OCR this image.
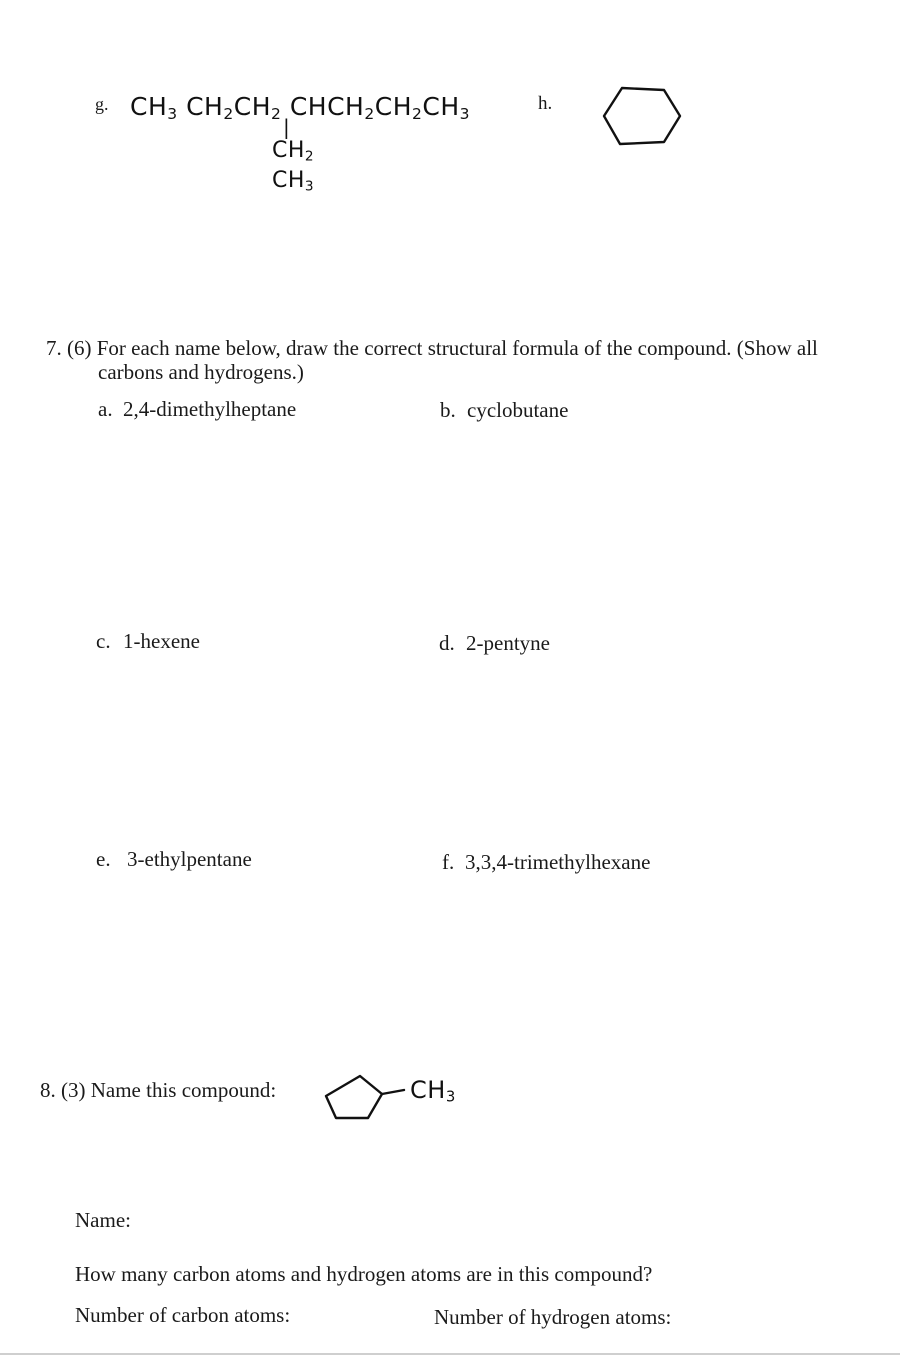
g. $CH_3$ $CH_2CH_2$ $CHCH_2CH_2CH_3$
|
$CH_2$
$CH_3$
h.
7. (6) For each name below, draw the correct structural formula of the compound. (Show all
carbons and hydrogens.)
a. 2,4-dimethylheptane	b. cyclobutane
c. 1-hexene	d. 2-pentyne
e. 3-ethylpentane	f. 3,3,4-trimethylhexane
8. (3) Name this compound:	$CH_3$
Name:
How many carbon atoms and hydrogen atoms are in this compound?
Number of carbon atoms:	Number of hydrogen atoms:
